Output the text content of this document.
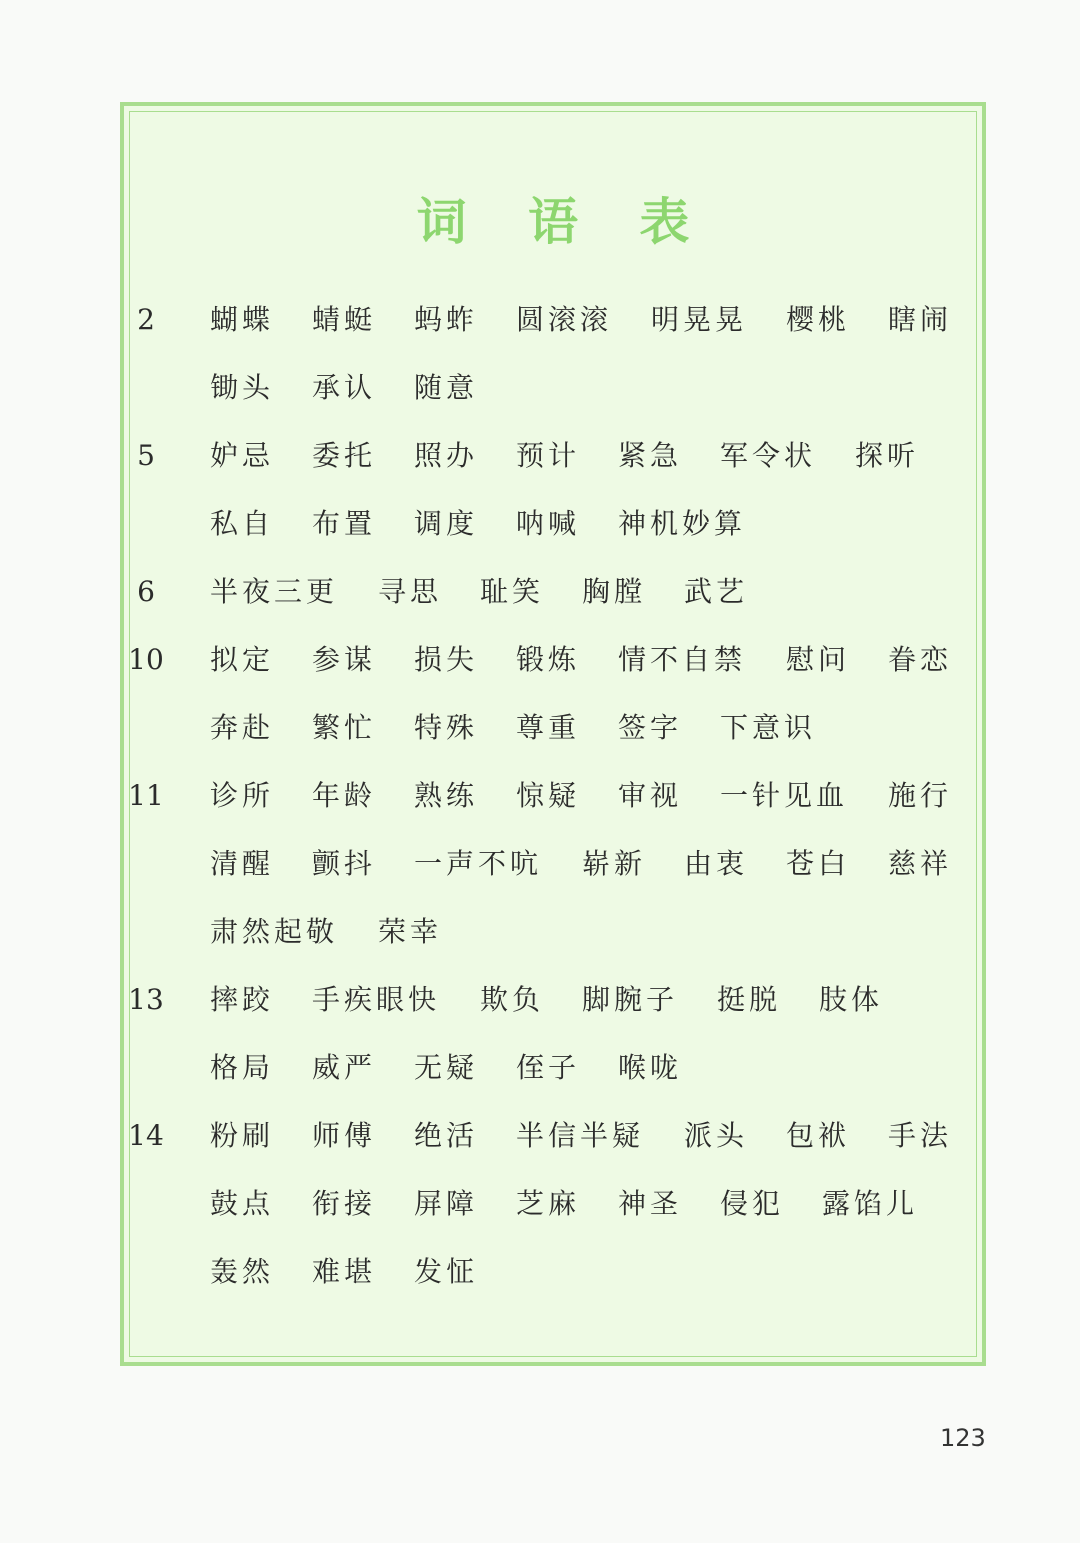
词 语 表
2	蝴蝶 蜻蜓 蚂蚱 圆滚滚 明晃晃 樱桃 瞎闹
锄头 承认 随意
5	妒忌 委托 照办 预计 紧急 军令状 探听
私自 布置 调度 呐喊 神机妙算
6	半夜三更 寻思 耻笑 胸膛 武艺
10	拟定 参谋 损失 锻炼 情不自禁 慰问 眷恋
奔赴 繁忙 特殊 尊重 签字 下意识
11	诊所 年龄 熟练 惊疑 审视 一针见血 施行
清醒 颤抖 一声不吭 崭新 由衷 苍白 慈祥
肃然起敬 荣幸
13	摔跤 手疾眼快 欺负 脚腕子 挺脱 肢体
格局 威严 无疑 侄子 喉咙
14	粉刷 师傅 绝活 半信半疑 派头 包袱 手法
鼓点 衔接 屏障 芝麻 神圣 侵犯 露馅儿
轰然 难堪 发怔
123
